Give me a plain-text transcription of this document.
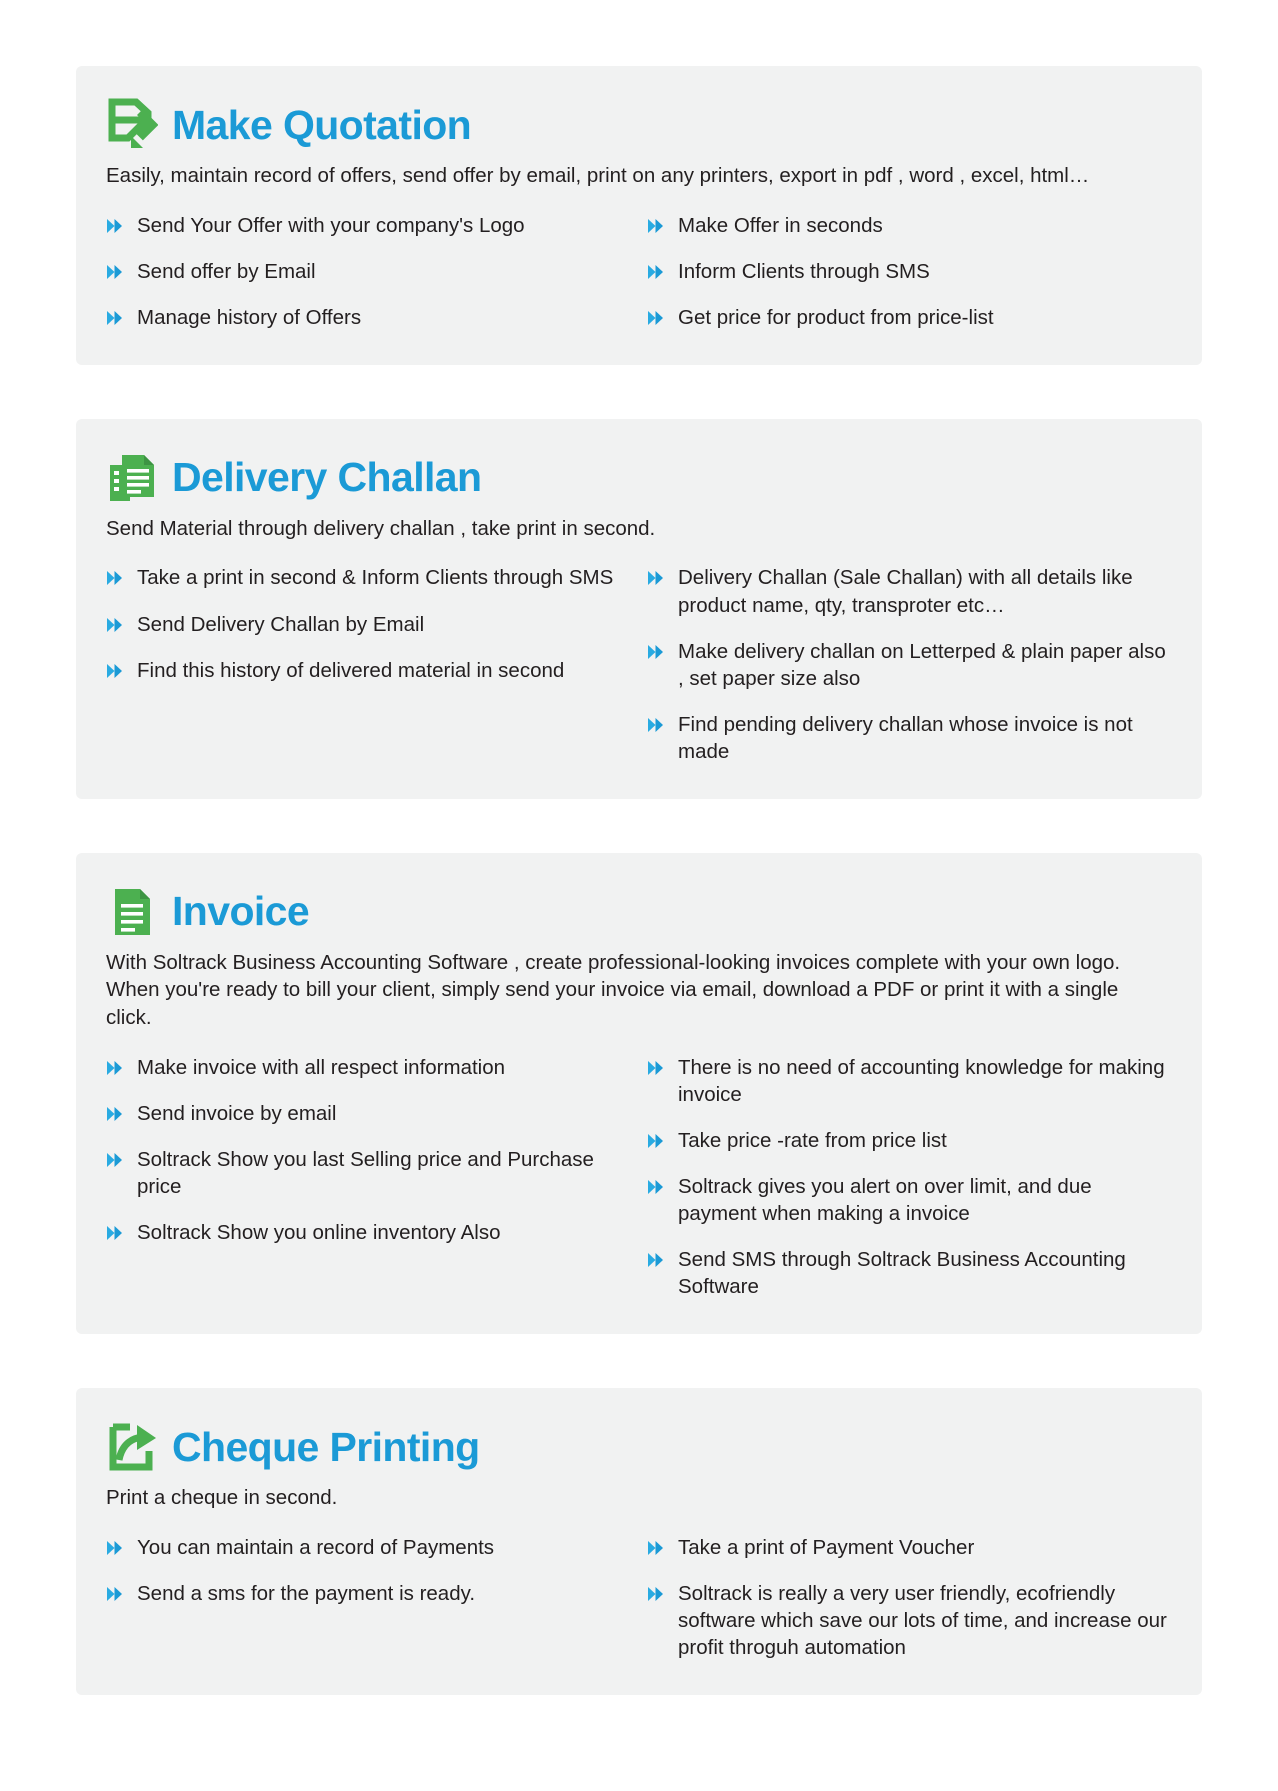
Make Quotation

Easily, maintain record of offers, send offer by email, print on any printers, export in pdf , word , excel, html…

Send Your Offer with your company's Logo
Send offer by Email
Manage history of Offers
Make Offer in seconds
Inform Clients through SMS
Get price for product from price-list
Delivery Challan

Send Material through delivery challan , take print in second.

Take a print in second & Inform Clients through SMS
Send Delivery Challan by Email
Find this history of delivered material in second
Delivery Challan (Sale Challan) with all details like product name, qty, transproter etc…
Make delivery challan on Letterped & plain paper also , set paper size also
Find pending delivery challan whose invoice is not made
Invoice

With Soltrack Business Accounting Software , create professional-looking invoices complete with your own logo. When you're ready to bill your client, simply send your invoice via email, download a PDF or print it with a single click.

Make invoice with all respect information
Send invoice by email
Soltrack Show you last Selling price and Purchase price
Soltrack Show you online inventory Also
There is no need of accounting knowledge for making invoice
Take price -rate from price list
Soltrack gives you alert on over limit, and due payment when making a invoice
Send SMS through Soltrack Business Accounting Software
Cheque Printing

Print a cheque in second.

You can maintain a record of Payments
Send a sms for the payment is ready.
Take a print of Payment Voucher
Soltrack is really a very user friendly, ecofriendly software which save our lots of time, and increase our profit throguh automation
